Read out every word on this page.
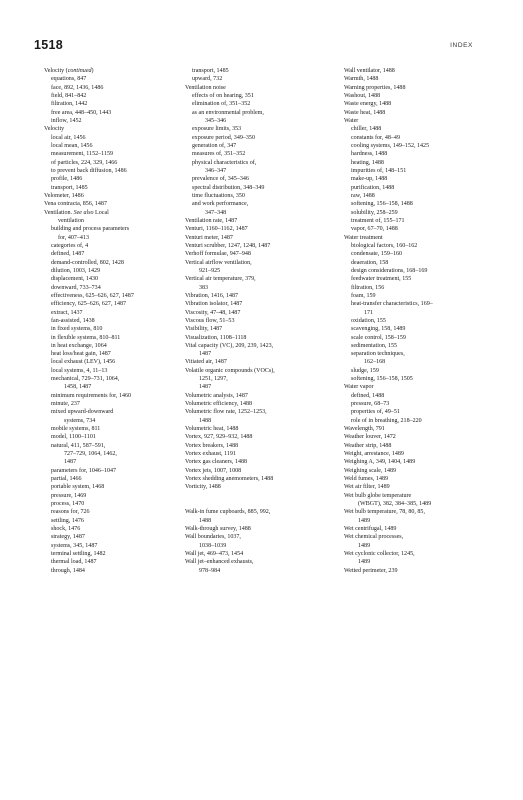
1518	INDEX
Velocity (continued)
equations, 847
face, 892, 1436, 1486
field, 841–842
filtration, 1442
free area, 448–450, 1443
inflow, 1452
Velocity
local air, 1456
local mean, 1456
measurement, 1152–1159
of particles, 224, 329, 1466
to prevent back diffusion, 1486
profile, 1486
transport, 1485
Velometer, 1486
Vena contracta, 856, 1487
Ventilation. See also Local
ventilation
building and process parameters
for, 407–413
categories of, 4
defined, 1487
demand-controlled, 802, 1428
dilution, 1003, 1429
displacement, 1430
downward, 733–734
effectiveness, 625–626, 627, 1487
efficiency, 625–626, 627, 1487
extract, 1437
fan-assisted, 1438
in fixed systems, 810
in flexible systems, 810–811
in heat exchange, 1064
heat loss/heat gain, 1487
local exhaust (LEV), 1456
local systems, 4, 11–13
mechanical, 729–731, 1064,
1458, 1487
minimum requirements for, 1460
minute, 237
mixed upward-downward
systems, 734
mobile systems, 811
model, 1100–1101
natural, 411, 587–591,
727–729, 1064, 1462,
1487
parameters for, 1046–1047
partial, 1466
portable system, 1468
pressure, 1469
process, 1470
reasons for, 726
settling, 1476
shock, 1476
strategy, 1487
systems, 345, 1487
terminal settling, 1482
thermal load, 1487
through, 1484
transport, 1485
upward, 732
Ventilation noise
effects of on hearing, 351
elimination of, 351–352
as an environmental problem,
345–346
exposure limits, 353
exposure period, 349–350
generation of, 347
measures of, 351–352
physical characteristics of,
346–347
prevalence of, 345–346
spectral distribution, 348–349
time fluctuations, 350
and work performance,
347–348
Ventilation rate, 1487
Venturi, 1160–1162, 1487
Venturi meter, 1487
Venturi scrubber, 1247, 1248, 1487
Verhoff formulae, 947–948
Vertical airflow ventilation,
921–925
Vertical air temperature, 379,
383
Vibration, 1416, 1487
Vibration isolator, 1487
Viscosity, 47–48, 1487
Viscous flow, 51–53
Visibility, 1487
Visualization, 1108–1118
Vital capacity (VC), 209, 239, 1423,
1487
Vitiated air, 1487
Volatile organic compounds (VOCs),
1251, 1297,
1487
Volumetric analysis, 1487
Volumetric efficiency, 1488
Volumetric flow rate, 1252–1253,
1488
Volumetric heat, 1488
Vortex, 927, 929–932, 1488
Vortex breakers, 1488
Vortex exhaust, 1191
Vortex gas cleaners, 1488
Vortex jets, 1007, 1008
Vortex shedding anemometers, 1488
Vorticity, 1488
Walk-in fume cupboards, 885, 992,
1488
Walk-through survey, 1488
Wall boundaries, 1037,
1038–1039
Wall jet, 469–473, 1454
Wall jet–enhanced exhausts,
978–984
Wall ventilator, 1488
Warmth, 1488
Warning properties, 1488
Washout, 1488
Waste energy, 1488
Waste heat, 1488
Water
chiller, 1488
constants for, 48–49
cooling systems, 149–152, 1425
hardness, 1488
heating, 1488
impurities of, 148–151
make-up, 1488
purification, 1488
raw, 1488
softening, 156–158, 1488
solubility, 258–259
treatment of, 155–171
vapor, 67–70, 1488
Water treatment
biological factors, 160–162
condensate, 159–160
deaeration, 158
design considerations, 168–169
feedwater treatment, 155
filtration, 156
foam, 159
heat-transfer characteristics, 169–
171
oxidation, 155
scavenging, 158, 1489
scale control, 158–159
sedimentation, 155
separation techniques,
162–168
sludge, 159
softening, 156–158, 1505
Water vapor
defined, 1488
pressure, 68–73
properties of, 49–51
role of in breathing, 218–220
Wavelength, 791
Weather louver, 1472
Weather strip, 1488
Weight, arrestance, 1489
Weighing A, 349, 1404, 1489
Weighing scale, 1489
Weld fumes, 1489
Wet air filter, 1489
Wet bulb globe temperature
(WBGT), 382, 384–385, 1489
Wet bulb temperature, 78, 80, 85,
1489
Wet centrifugal, 1489
Wet chemical processes,
1489
Wet cyclonic collector, 1245,
1489
Wetted perimeter, 239
